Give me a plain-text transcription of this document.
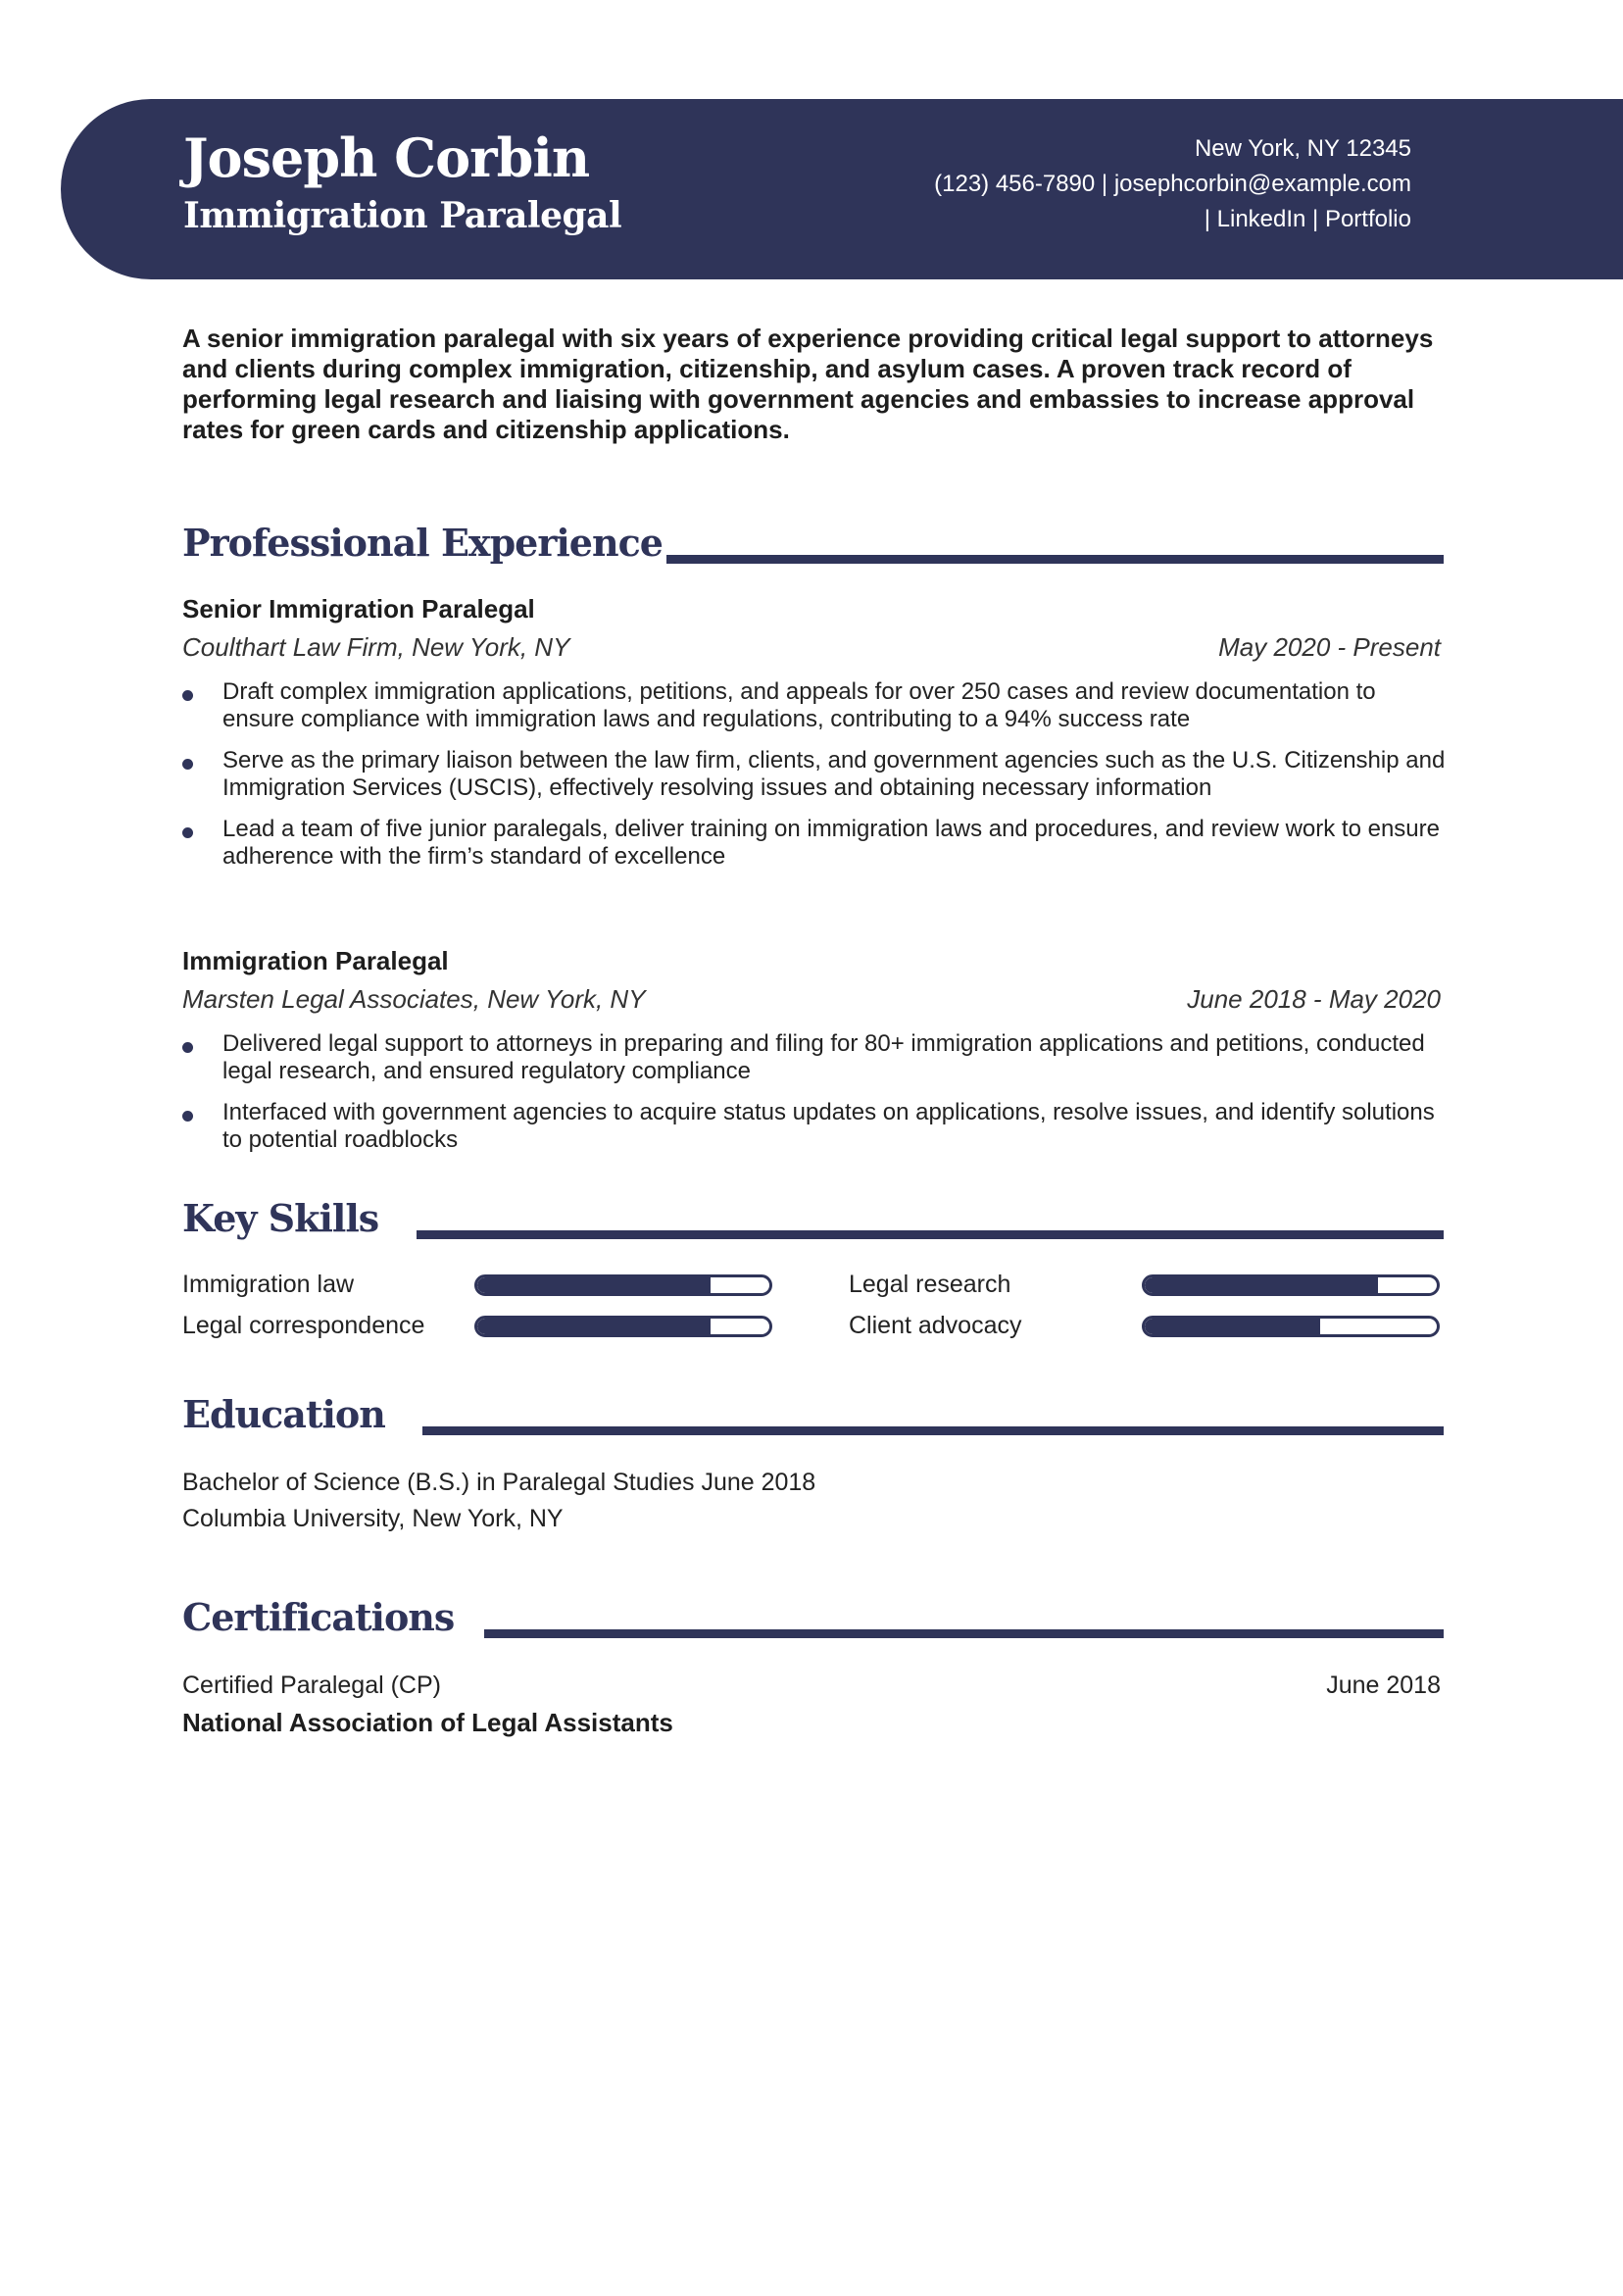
Joseph Corbin
Immigration Paralegal
New York, NY 12345
(123) 456-7890 | josephcorbin@example.com
| LinkedIn | Portfolio
A senior immigration paralegal with six years of experience providing critical legal support to attorneys and clients during complex immigration, citizenship, and asylum cases. A proven track record of performing legal research and liaising with government agencies and embassies to increase approval rates for green cards and citizenship applications.
Professional Experience
Senior Immigration Paralegal
Coulthart Law Firm, New York, NY	May 2020 - Present
Draft complex immigration applications, petitions, and appeals for over 250 cases and review documentation to ensure compliance with immigration laws and regulations, contributing to a 94% success rate
Serve as the primary liaison between the law firm, clients, and government agencies such as the U.S. Citizenship and Immigration Services (USCIS), effectively resolving issues and obtaining necessary information
Lead a team of five junior paralegals, deliver training on immigration laws and procedures, and review work to ensure adherence with the firm’s standard of excellence
Immigration Paralegal
Marsten Legal Associates, New York, NY	June 2018 - May 2020
Delivered legal support to attorneys in preparing and filing for 80+ immigration applications and petitions, conducted legal research, and ensured regulatory compliance
Interfaced with government agencies to acquire status updates on applications, resolve issues, and identify solutions to potential roadblocks
Key Skills
Immigration law	Legal research
Legal correspondence	Client advocacy
Education
Bachelor of Science (B.S.) in Paralegal Studies June 2018
Columbia University, New York, NY
Certifications
Certified Paralegal (CP)	June 2018
National Association of Legal Assistants
